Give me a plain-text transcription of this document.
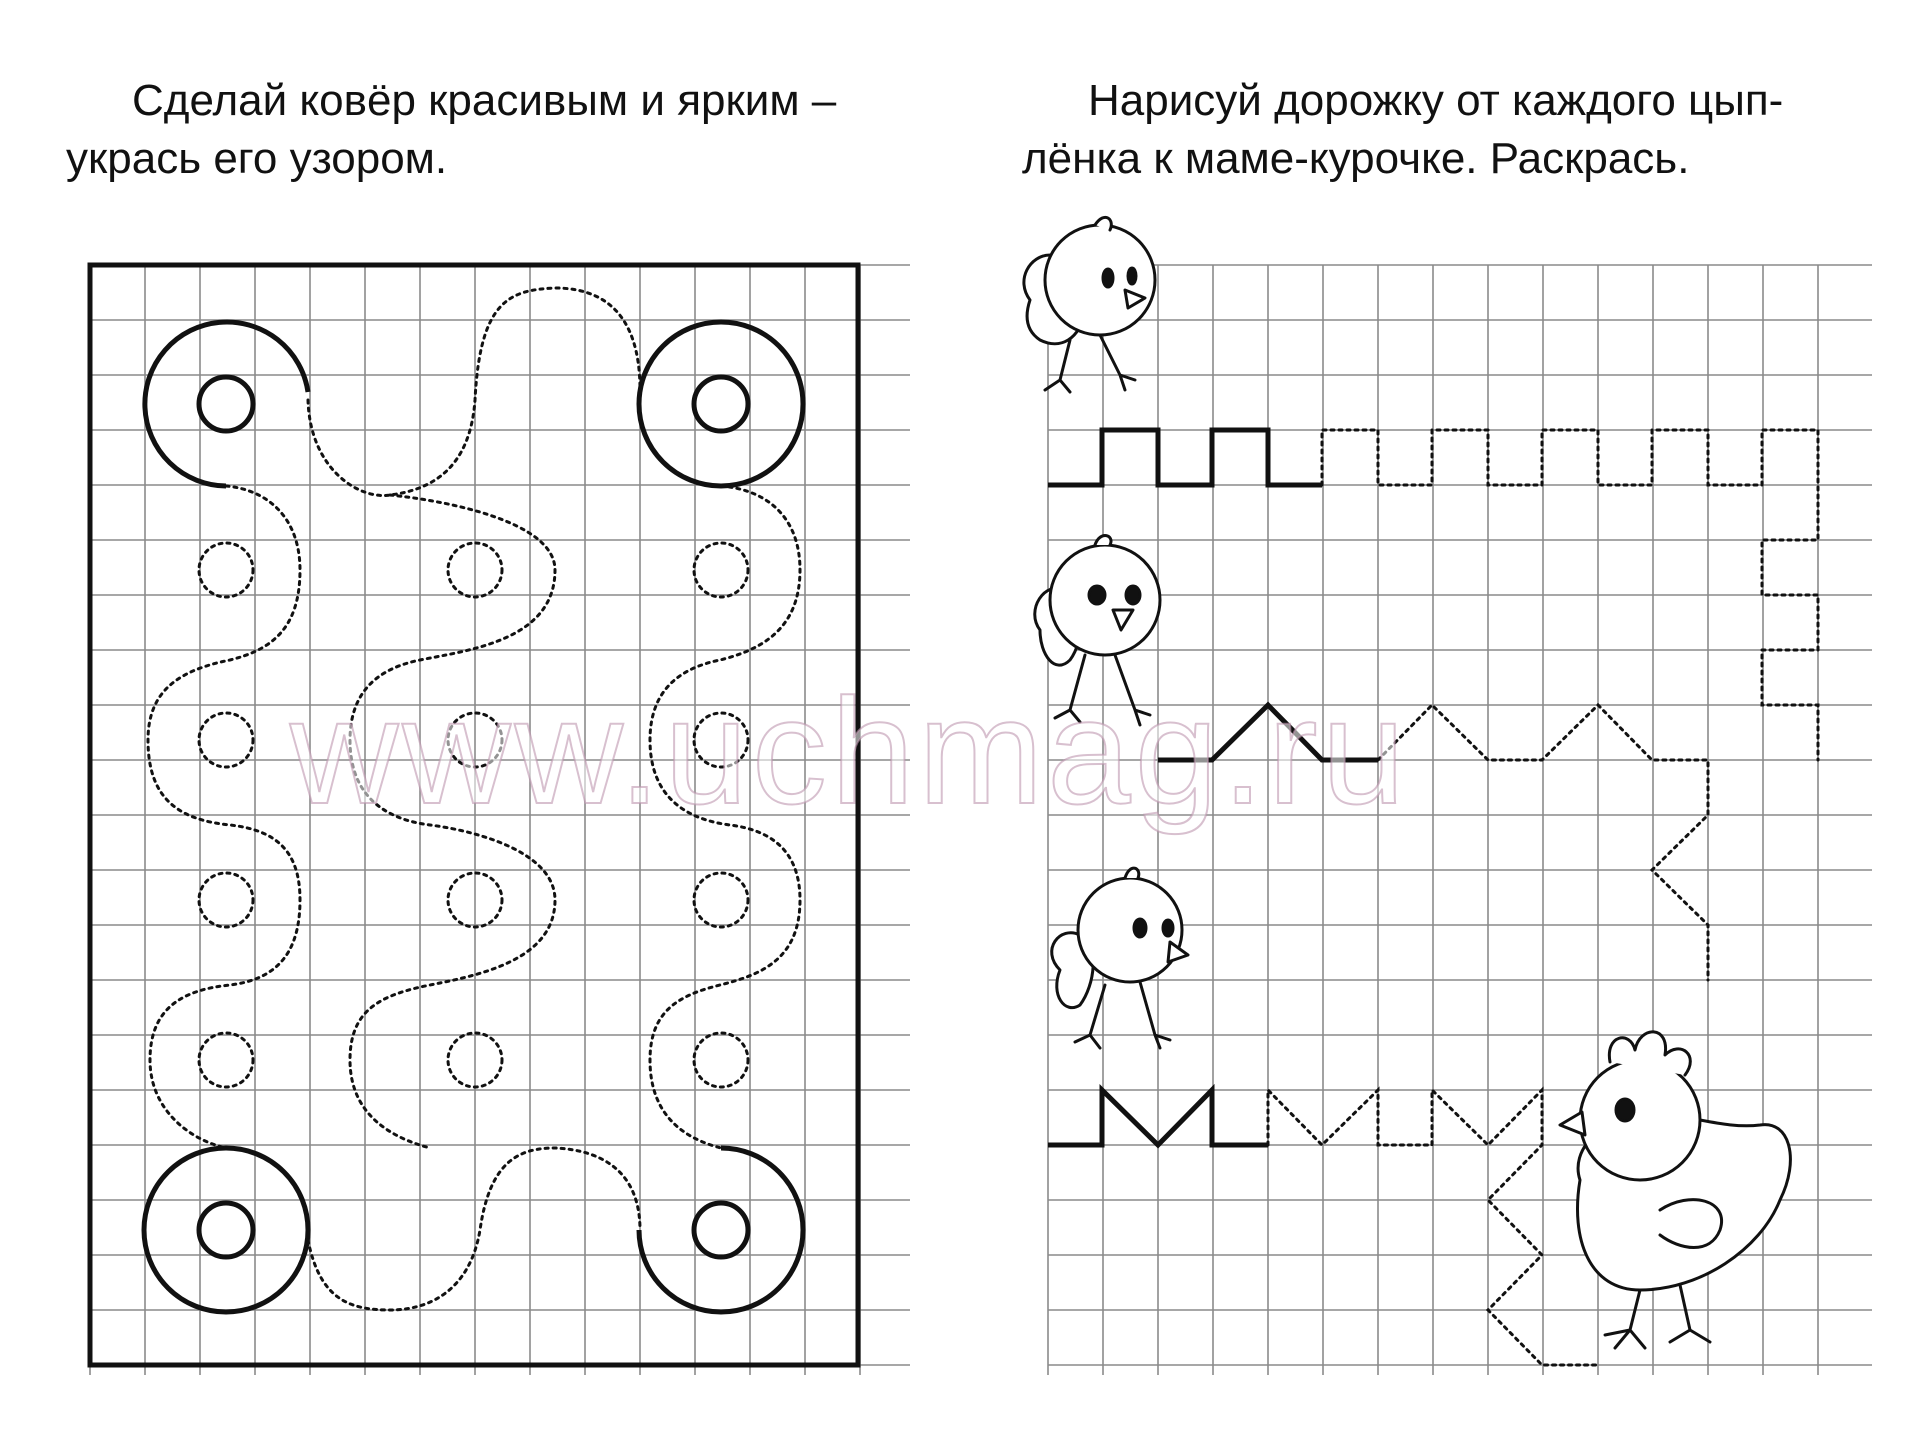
Сделай ковёр красивым и ярким –
укрась его узором.

Нарисуй дорожку от каждого цып-
лёнка к маме-курочке. Раскрась.

www.uchmag.ru
